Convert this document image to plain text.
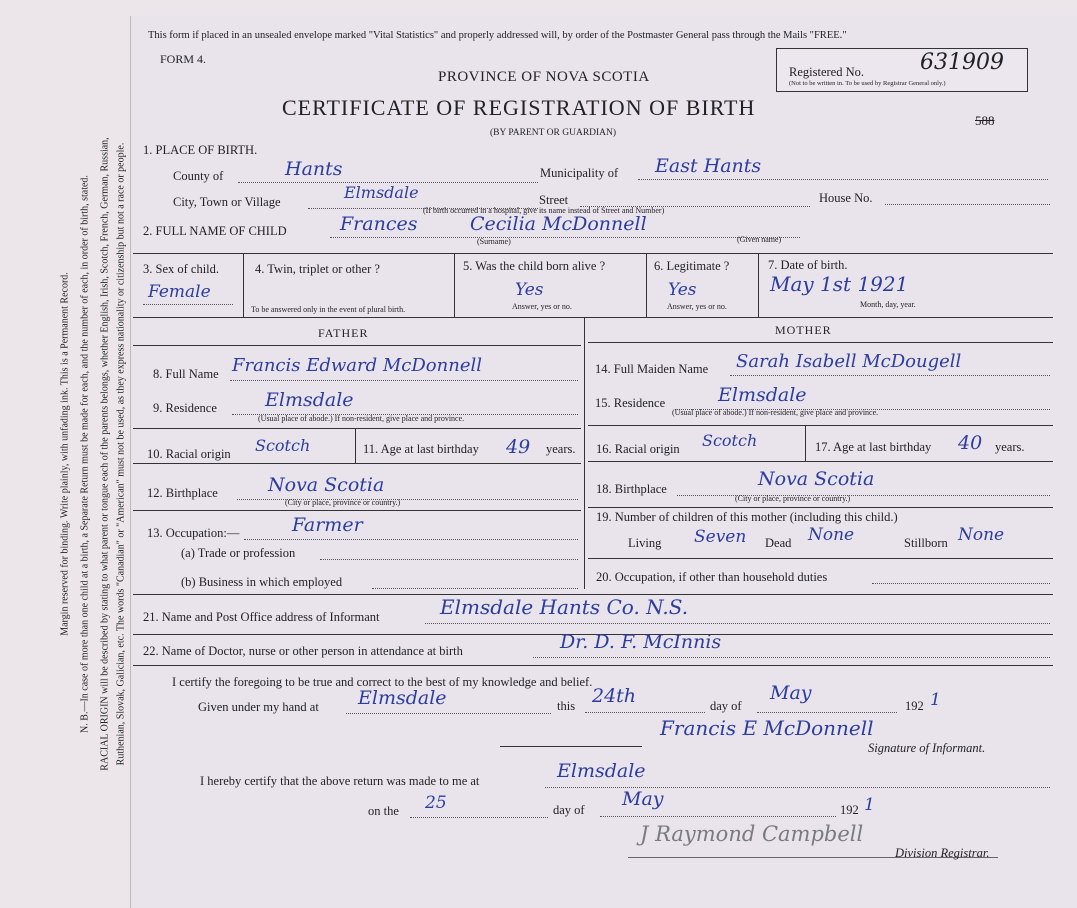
Margin reserved for binding. Write plainly, with unfading ink. This is a Permanent Record. N. B.—In case of more than one child at a birth, a Separate Return must be made for each, and the number of each, in order of birth, stated. RACIAL ORIGIN will be described by stating to what parent or tongue each of the parents belongs, whether English, Irish, Scotch, French, German, Russian, Ruthenian, Slovak, Galician, etc. The words "Canadian" or "American" must not be used, as they express nationality or citizenship but not a race or people.
This form if placed in an unsealed envelope marked "Vital Statistics" and properly addressed will, by order of the Postmaster General pass through the Mails "FREE."
FORM 4.
Registered No.
(Not to be written in. To be used by Registrar General only.)
631909
588
PROVINCE OF NOVA SCOTIA
CERTIFICATE OF REGISTRATION OF BIRTH
(BY PARENT OR GUARDIAN)
1. PLACE OF BIRTH.
County of	Hants	Municipality of East Hants
City, Town or Village	Elmsdale	Street	House No.
(If birth occurred in a hospital, give its name instead of Street and Number)
2. FULL NAME OF CHILD	Frances	Cecilia McDonnell
(Surname)	(Given name)
3. Sex of child.
Female
4. Twin, triplet or other ?
To be answered only in the event of plural birth.
5. Was the child born alive ?
Yes
Answer, yes or no.
6. Legitimate ?
Yes
Answer, yes or no.
7. Date of birth.
May 1st 1921
Month, day, year.
FATHER	MOTHER
8. Full Name Francis Edward McDonnell
9. Residence	Elmsdale
(Usual place of abode.) If non-resident, give place and province.
10. Racial origin Scotch	11. Age at last birthday 49 years.
12. Birthplace	Nova Scotia
(City or place, province or country.)
13. Occupation:—	Farmer
(a) Trade or profession
(b) Business in which employed
14. Full Maiden Name Sarah Isabell McDougell
15. Residence	Elmsdale
(Usual place of abode.) If non-resident, give place and province.
16. Racial origin Scotch	17. Age at last birthday 40 years.
18. Birthplace	Nova Scotia
(City or place, province or country.)
19. Number of children of this mother (including this child.)
Living Seven Dead None	Stillborn None
20. Occupation, if other than household duties
21. Name and Post Office address of Informant	Elmsdale Hants Co. N.S.
22. Name of Doctor, nurse or other person in attendance at birth	Dr. D. F. McInnis
I certify the foregoing to be true and correct to the best of my knowledge and belief.
Given under my hand at Elmsdale	this 24th	day of
May
192 1
Francis E McDonnell
Signature of Informant.
I hereby certify that the above return was made to me at	Elmsdale
on the 25	day of May	192 1
J Raymond Campbell
Division Registrar.
